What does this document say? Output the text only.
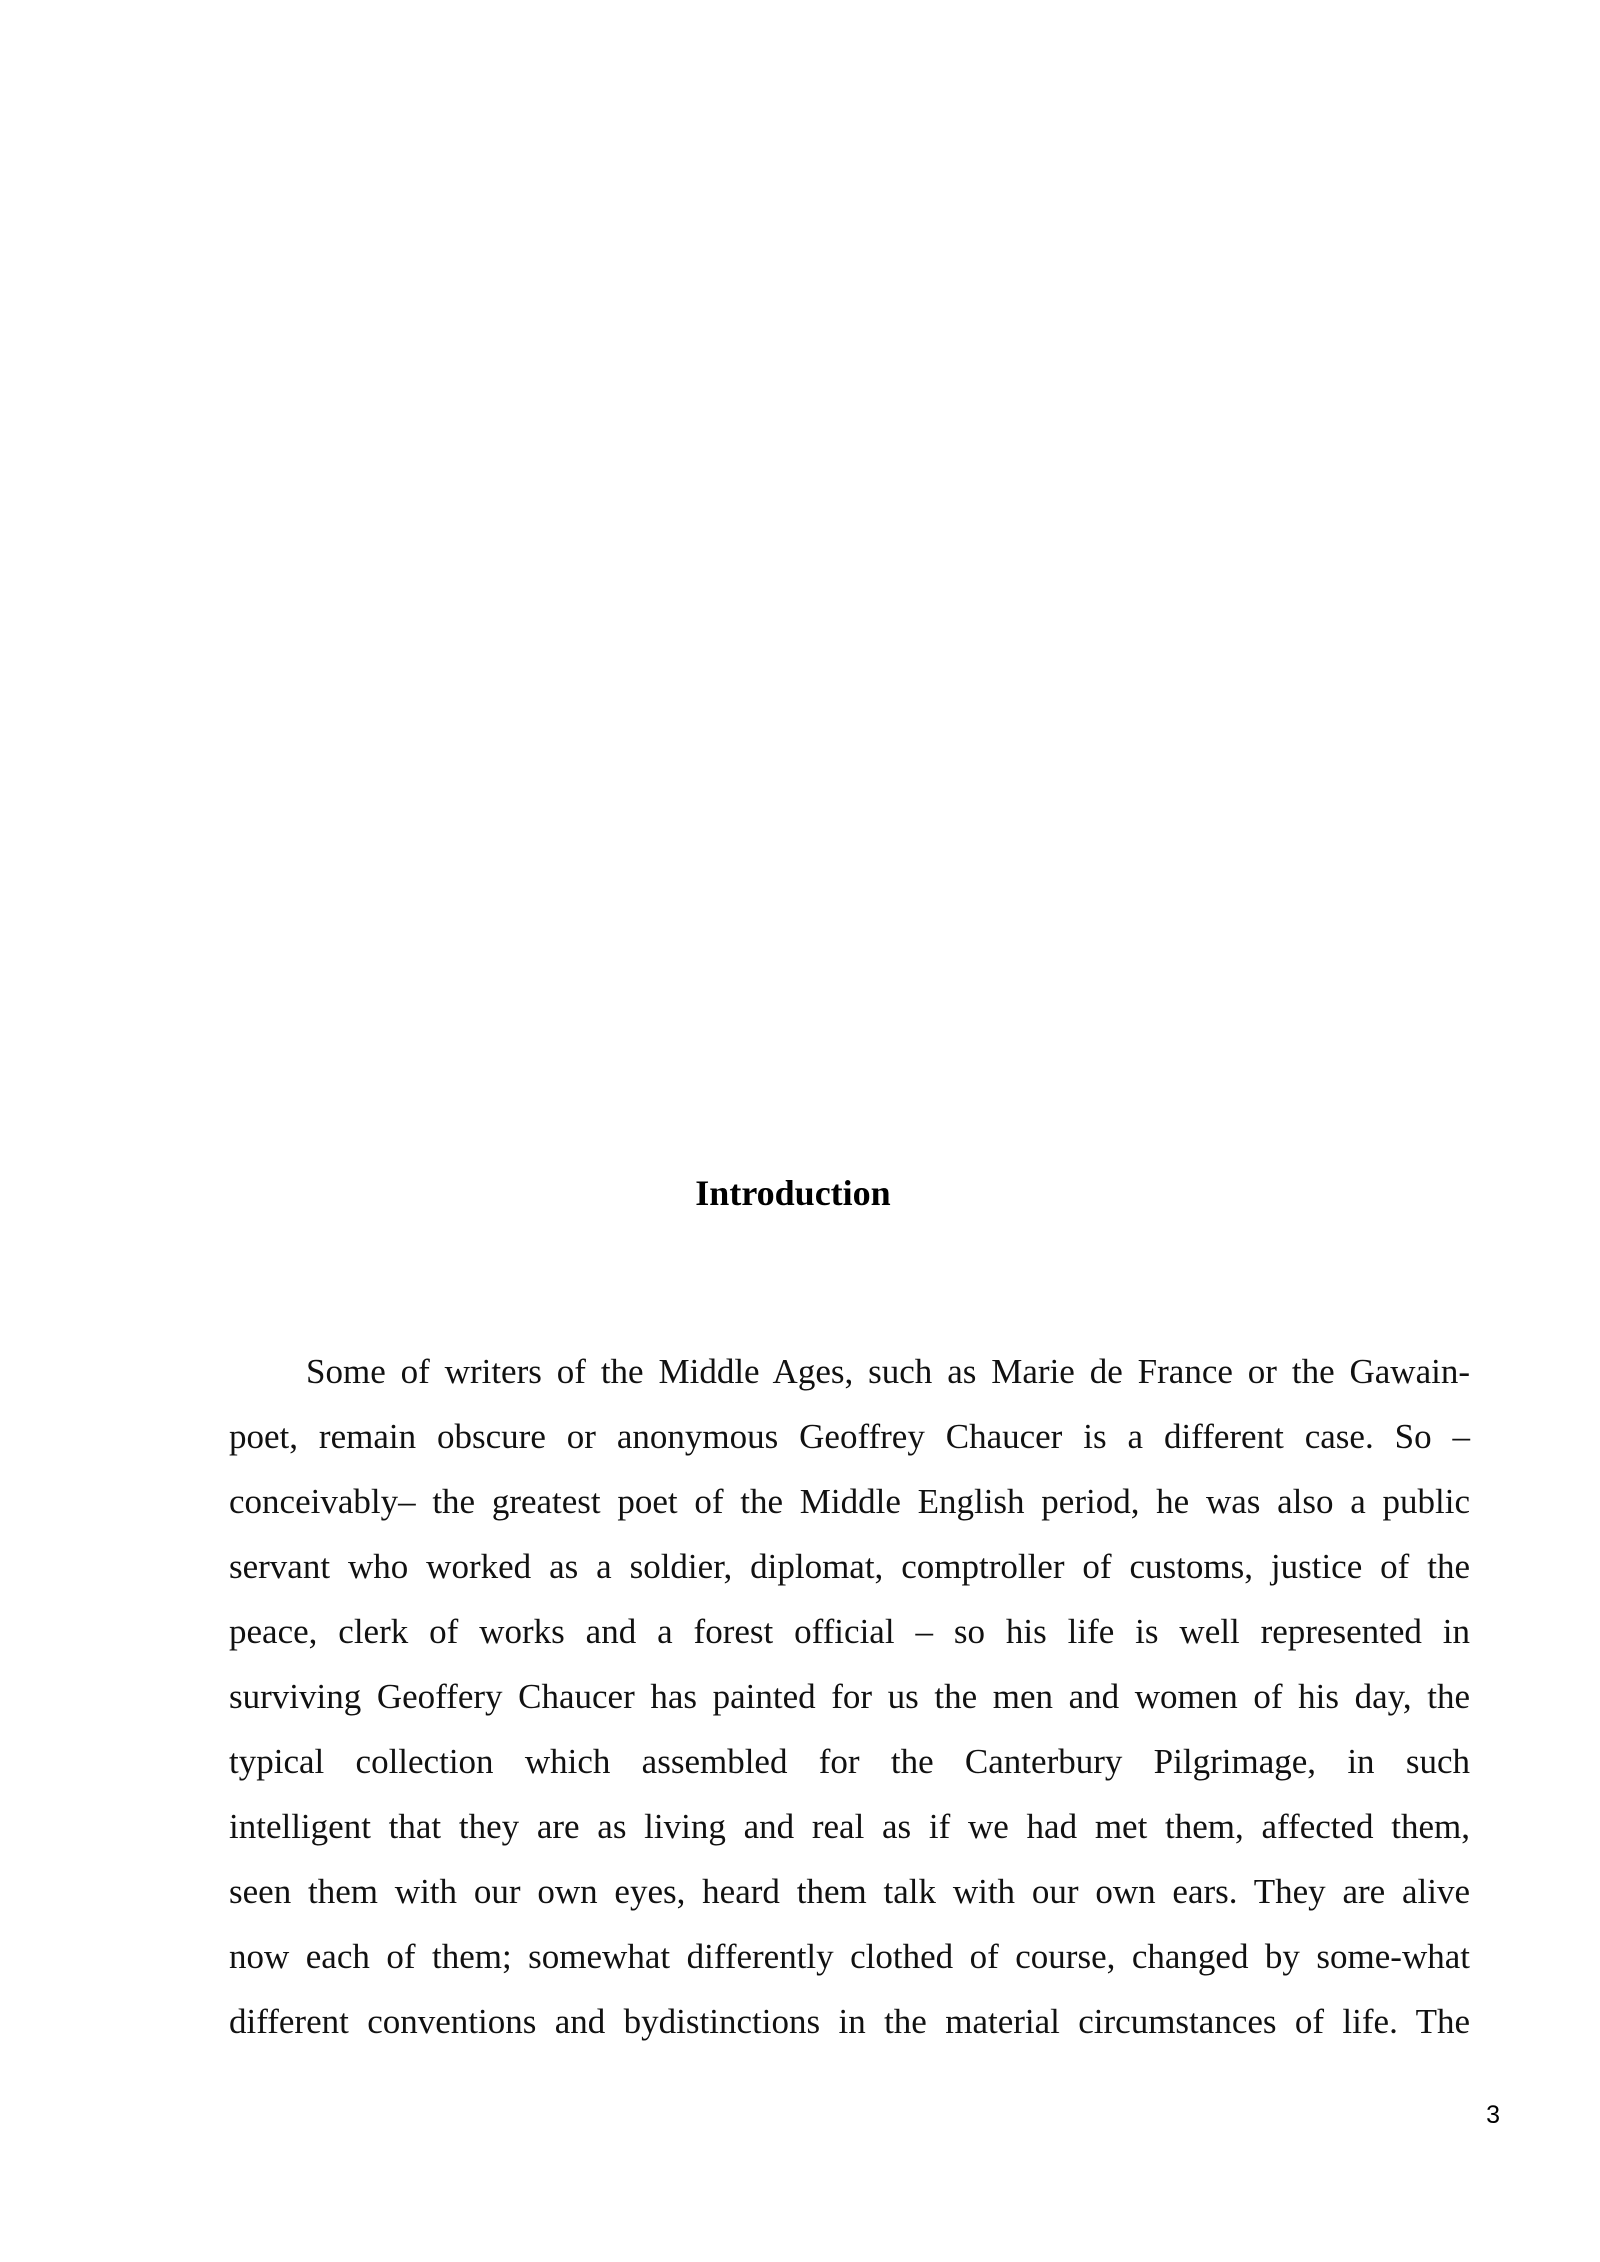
Introduction
Some of writers of the Middle Ages, such as Marie de France or the Gawain-
poet, remain obscure or anonymous Geoffrey Chaucer is a different case. So –
conceivably– the greatest poet of the Middle English period, he was also a public
servant who worked as a soldier, diplomat, comptroller of customs, justice of the
peace, clerk of works and a forest official – so his life is well represented in
surviving Geoffery Chaucer has painted for us the men and women of his day, the
typical collection which assembled for the Canterbury Pilgrimage, in such
intelligent that they are as living and real as if we had met them, affected them,
seen them with our own eyes, heard them talk with our own ears. They are alive
now each of them; somewhat differently clothed of course, changed by some-what
different conventions and bydistinctions in the material circumstances of life. The
3
